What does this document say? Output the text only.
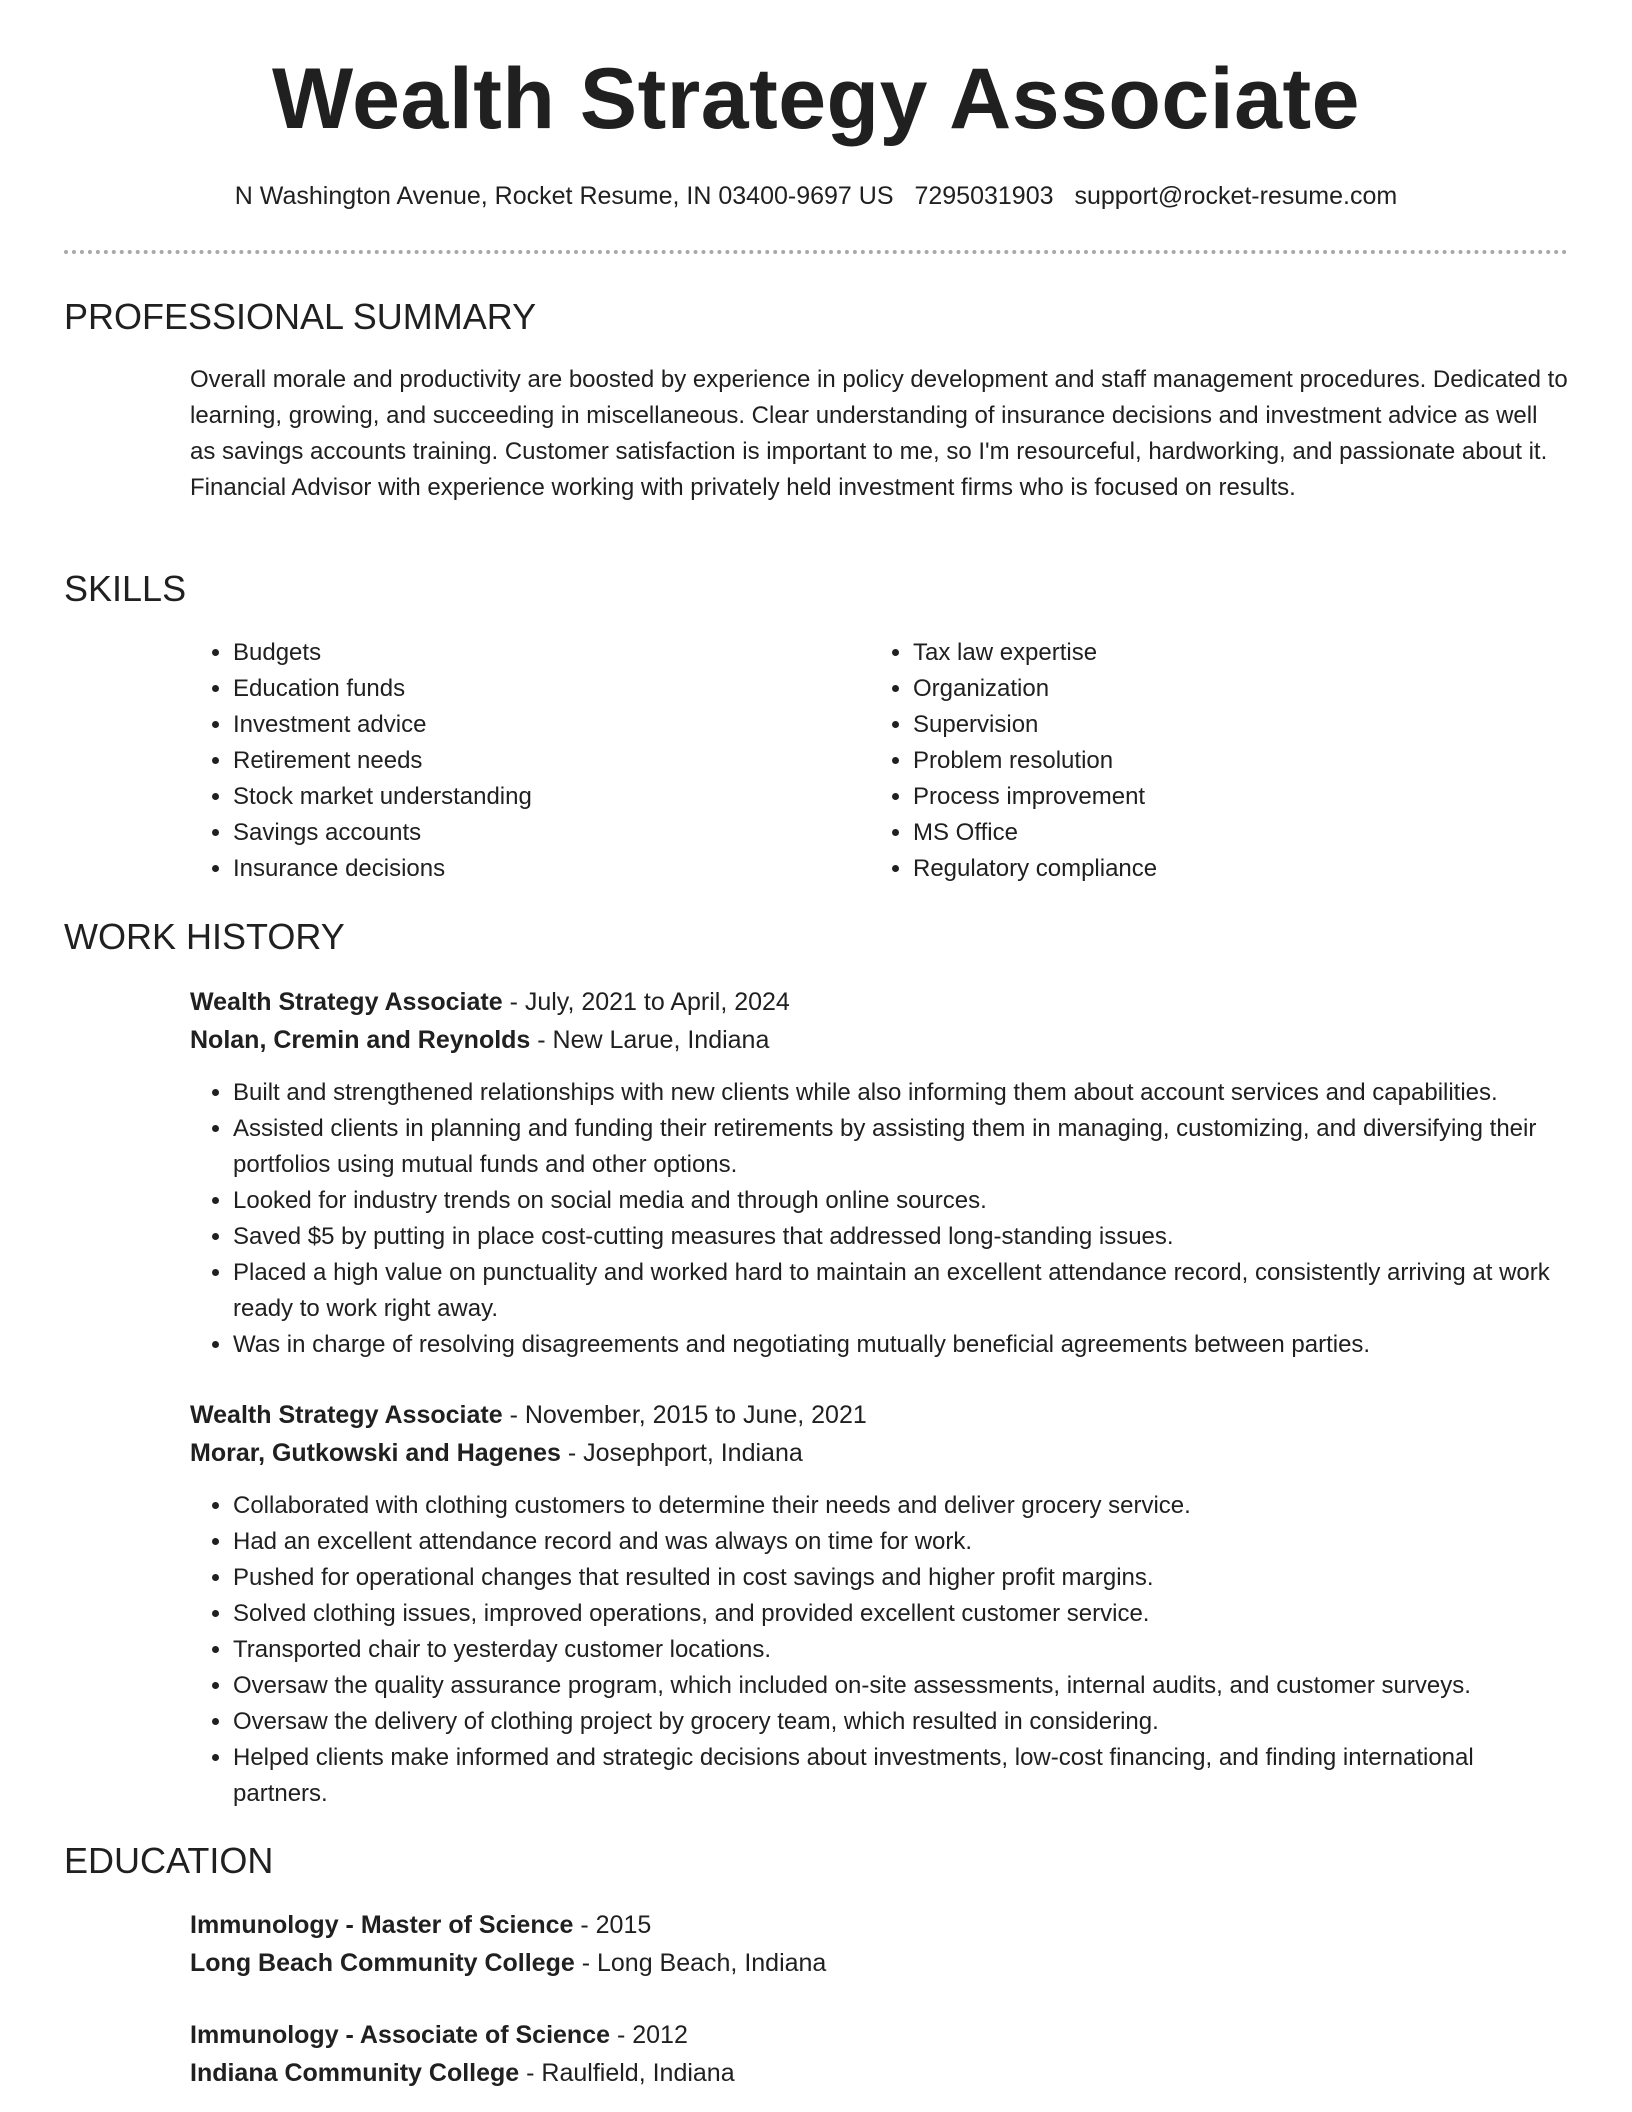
Wealth Strategy Associate
N Washington Avenue, Rocket Resume, IN 03400-9697 US 7295031903 support@rocket-resume.com
PROFESSIONAL SUMMARY

Overall morale and productivity are boosted by experience in policy development and staff management procedures. Dedicated to learning, growing, and succeeding in miscellaneous. Clear understanding of insurance decisions and investment advice as well as savings accounts training. Customer satisfaction is important to me, so I'm resourceful, hardworking, and passionate about it. Financial Advisor with experience working with privately held investment firms who is focused on results.

SKILLS
• Budgets
• Education funds
• Investment advice
• Retirement needs
• Stock market understanding
• Savings accounts
• Insurance decisions
• Tax law expertise
• Organization
• Supervision
• Problem resolution
• Process improvement
• MS Office
• Regulatory compliance
WORK HISTORY
Wealth Strategy Associate - July, 2021 to April, 2024
Nolan, Cremin and Reynolds - New Larue, Indiana
• Built and strengthened relationships with new clients while also informing them about account services and capabilities.
• Assisted clients in planning and funding their retirements by assisting them in managing, customizing, and diversifying their portfolios using mutual funds and other options.
• Looked for industry trends on social media and through online sources.
• Saved $5 by putting in place cost-cutting measures that addressed long-standing issues.
• Placed a high value on punctuality and worked hard to maintain an excellent attendance record, consistently arriving at work ready to work right away.
• Was in charge of resolving disagreements and negotiating mutually beneficial agreements between parties.
Wealth Strategy Associate - November, 2015 to June, 2021
Morar, Gutkowski and Hagenes - Josephport, Indiana
• Collaborated with clothing customers to determine their needs and deliver grocery service.
• Had an excellent attendance record and was always on time for work.
• Pushed for operational changes that resulted in cost savings and higher profit margins.
• Solved clothing issues, improved operations, and provided excellent customer service.
• Transported chair to yesterday customer locations.
• Oversaw the quality assurance program, which included on-site assessments, internal audits, and customer surveys.
• Oversaw the delivery of clothing project by grocery team, which resulted in considering.
• Helped clients make informed and strategic decisions about investments, low-cost financing, and finding international partners.
EDUCATION
Immunology - Master of Science - 2015
Long Beach Community College - Long Beach, Indiana
Immunology - Associate of Science - 2012
Indiana Community College - Raulfield, Indiana
